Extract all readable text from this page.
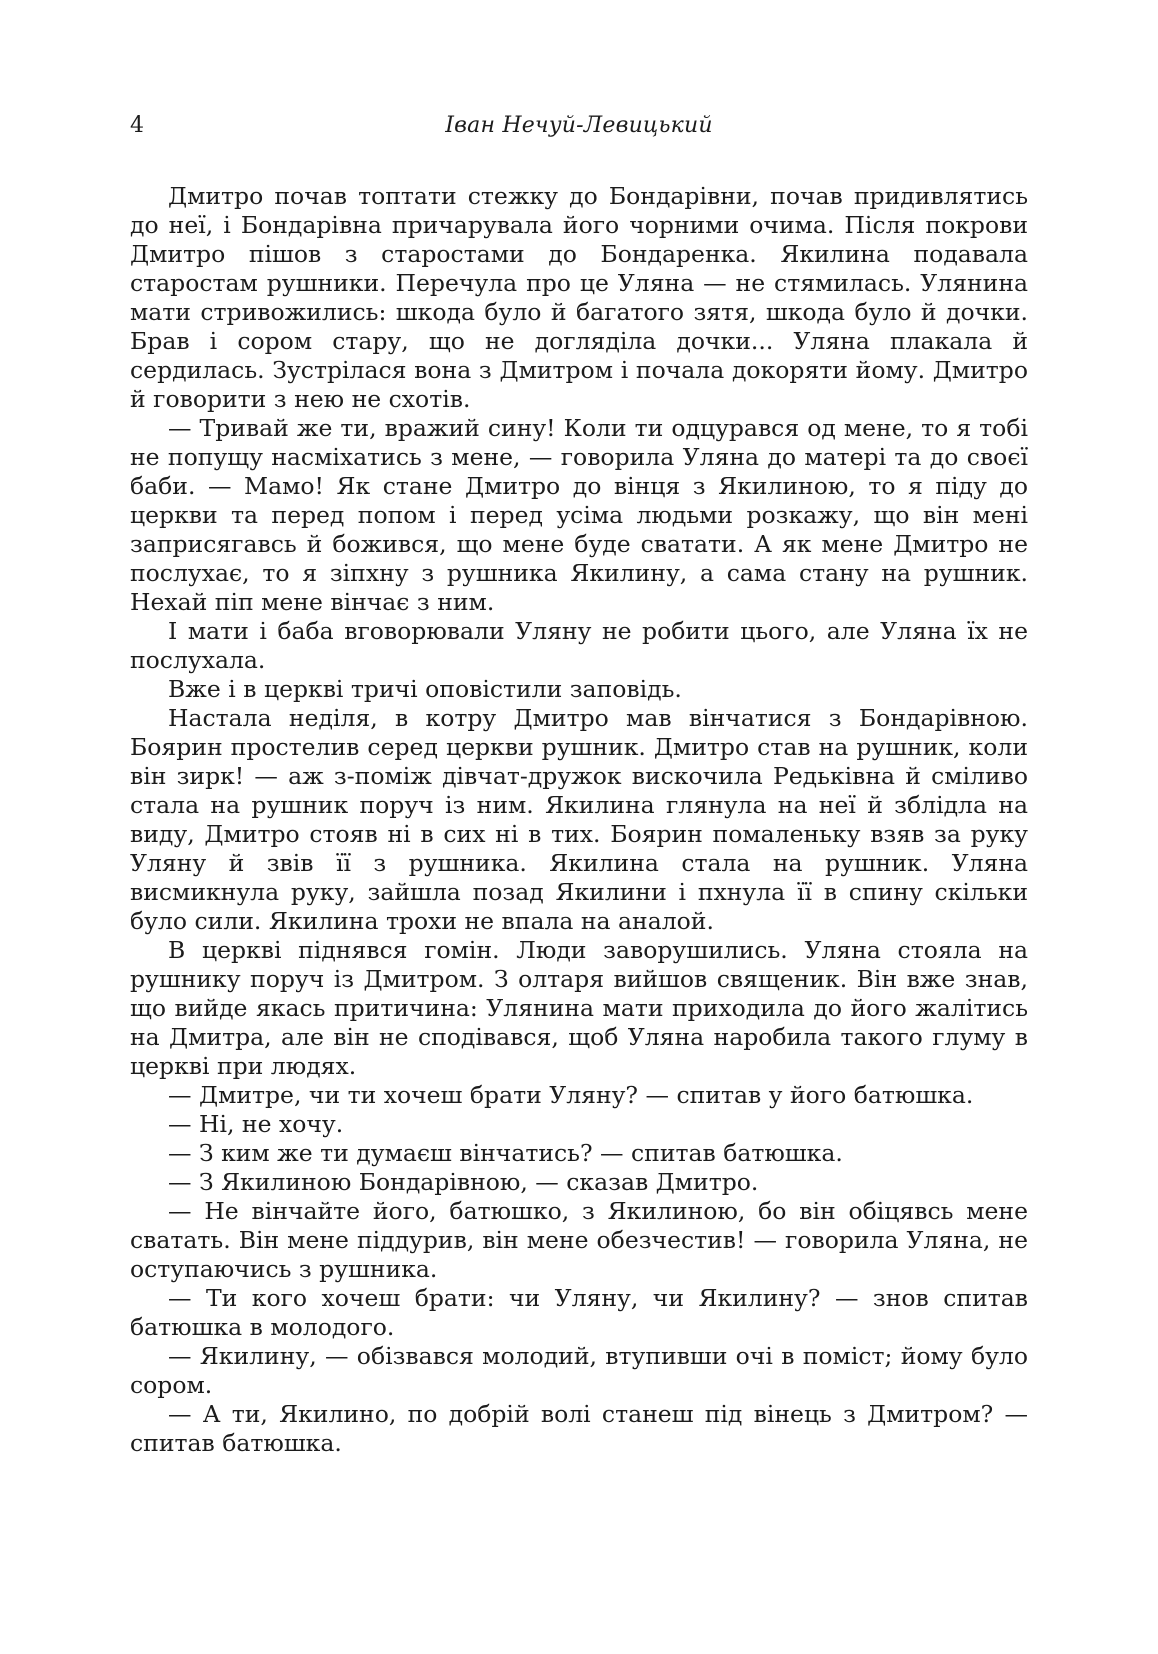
4	Іван Нечуй-Левицький

Дмитро почав топтати стежку до Бондарівни, почав придивлятись до неї, і Бондарівна причарувала його чорними очима. Після покрови Дмитро пішов з старостами до Бондаренка. Якилина подавала старостам рушники. Перечула про це Уляна — не стямилась. Улянина мати стривожились: шкода було й багатого зятя, шкода було й дочки. Брав і сором стару, що не догляділа дочки... Уляна плакала й сердилась. Зустрілася вона з Дмитром і почала докоряти йому. Дмитро й говорити з нею не схотів.

— Тривай же ти, вражий сину! Коли ти одцурався од мене, то я тобі не попущу насміхатись з мене, — говорила Уляна до матері та до своєї баби. — Мамо! Як стане Дмитро до вінця з Якилиною, то я піду до церкви та перед попом і перед усіма людьми розкажу, що він мені заприсягавсь й божився, що мене буде сватати. А як мене Дмитро не послухає, то я зіпхну з рушника Якилину, а сама стану на рушник. Нехай піп мене вінчає з ним.

І мати і баба вговорювали Уляну не робити цього, але Уляна їх не послухала.

Вже і в церкві тричі оповістили заповідь.

Настала неділя, в котру Дмитро мав вінчатися з Бондарівною. Боярин простелив серед церкви рушник. Дмитро став на рушник, коли він зирк! — аж з-поміж дівчат-дружок вискочила Редьківна й сміливо стала на рушник поруч із ним. Якилина глянула на неї й зблідла на виду, Дмитро стояв ні в сих ні в тих. Боярин помаленьку взяв за руку Уляну й звів її з рушника. Якилина стала на рушник. Уляна висмикнула руку, зайшла позад Якилини і пхнула її в спину скільки було сили. Якилина трохи не впала на аналой.

В церкві піднявся гомін. Люди заворушились. Уляна стояла на рушнику поруч із Дмитром. З олтаря вийшов священик. Він вже знав, що вийде якась притичина: Улянина мати приходила до його жалітись на Дмитра, але він не сподівався, щоб Уляна наробила такого глуму в церкві при людях.

— Дмитре, чи ти хочеш брати Уляну? — спитав у його батюшка.

— Ні, не хочу.

— З ким же ти думаєш вінчатись? — спитав батюшка.

— З Якилиною Бондарівною, — сказав Дмитро.

— Не вінчайте його, батюшко, з Якилиною, бо він обіцявсь мене сватать. Він мене піддурив, він мене обезчестив! — говорила Уляна, не оступаючись з рушника.

— Ти кого хочеш брати: чи Уляну, чи Якилину? — знов спитав батюшка в молодого.

— Якилину, — обізвався молодий, втупивши очі в поміст; йому було сором.

— А ти, Якилино, по добрій волі станеш під вінець з Дмитром? — спитав батюшка.
